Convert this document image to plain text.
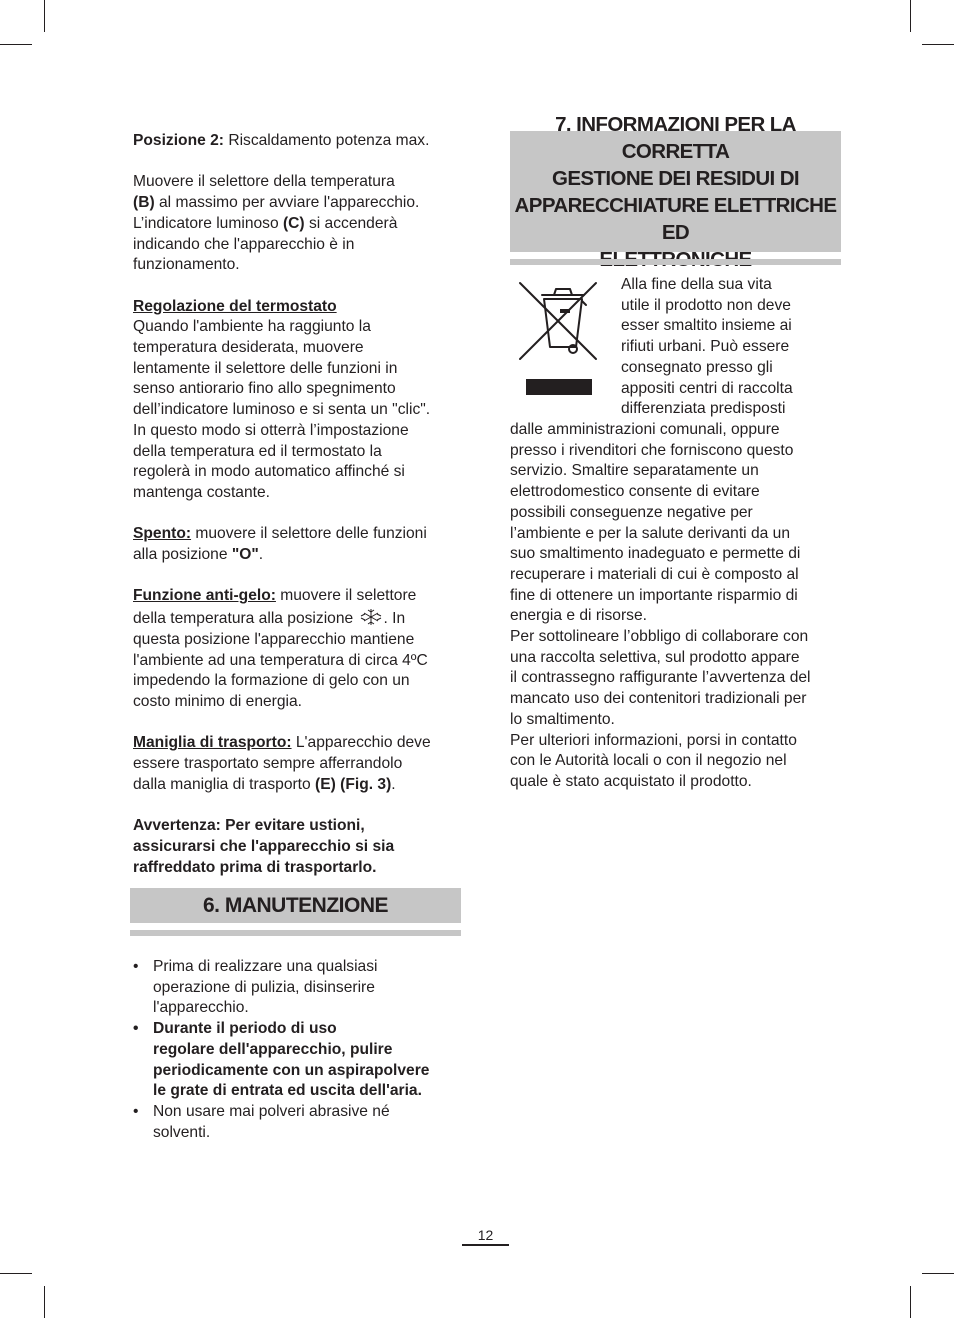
Posizione 2: Riscaldamento potenza max.

Muovere il selettore della temperatura
(B) al massimo per avviare l'apparecchio.
L’indicatore luminoso (C) si accenderà
indicando che l'apparecchio è in
funzionamento.

Regolazione del termostato
Quando l'ambiente ha raggiunto la
temperatura desiderata, muovere
lentamente il selettore delle funzioni in
senso antiorario fino allo spegnimento
dell’indicatore luminoso e si senta un "clic".
In questo modo si otterrà l’impostazione
della temperatura ed il termostato la
regolerà in modo automatico affinché si
mantenga costante.

Spento: muovere il selettore delle funzioni
alla posizione "O".

Funzione anti-gelo: muovere il selettore
della temperatura alla posizione . In
questa posizione l'apparecchio mantiene
l'ambiente ad una temperatura di circa 4ºC
impedendo la formazione di gelo con un
costo minimo di energia.

Maniglia di trasporto: L'apparecchio deve
essere trasportato sempre afferrandolo
dalla maniglia di trasporto (E) (Fig. 3).

Avvertenza: Per evitare ustioni,
assicurarsi che l'apparecchio si sia
raffreddato prima di trasportarlo.

6. MANUTENZIONE
• Prima di realizzare una qualsiasi
operazione di pulizia, disinserire
l'apparecchio.
• Durante il periodo di uso
regolare dell'apparecchio, pulire
periodicamente con un aspirapolvere
le grate di entrata ed uscita dell'aria.
• Non usare mai polveri abrasive né
solventi.
7. INFORMAZIONI PER LA CORRETTA
GESTIONE DEI RESIDUI DI
APPARECCHIATURE ELETTRICHE ED
Alla fine della sua vita
utile il prodotto non deve
esser smaltito insieme ai
rifiuti urbani. Può essere
consegnato presso gli
appositi centri di raccolta
differenziata predisposti
dalle amministrazioni comunali, oppure
presso i rivenditori che forniscono questo
servizio. Smaltire separatamente un
elettrodomestico consente di evitare
possibili conseguenze negative per
l’ambiente e per la salute derivanti da un
suo smaltimento inadeguato e permette di
recuperare i materiali di cui è composto al
fine di ottenere un importante risparmio di
energia e di risorse.
Per sottolineare l’obbligo di collaborare con
una raccolta selettiva, sul prodotto appare
il contrassegno raffigurante l’avvertenza del
mancato uso dei contenitori tradizionali per
lo smaltimento.
Per ulteriori informazioni, porsi in contatto
con le Autorità locali o con il negozio nel
quale è stato acquistato il prodotto.
12
